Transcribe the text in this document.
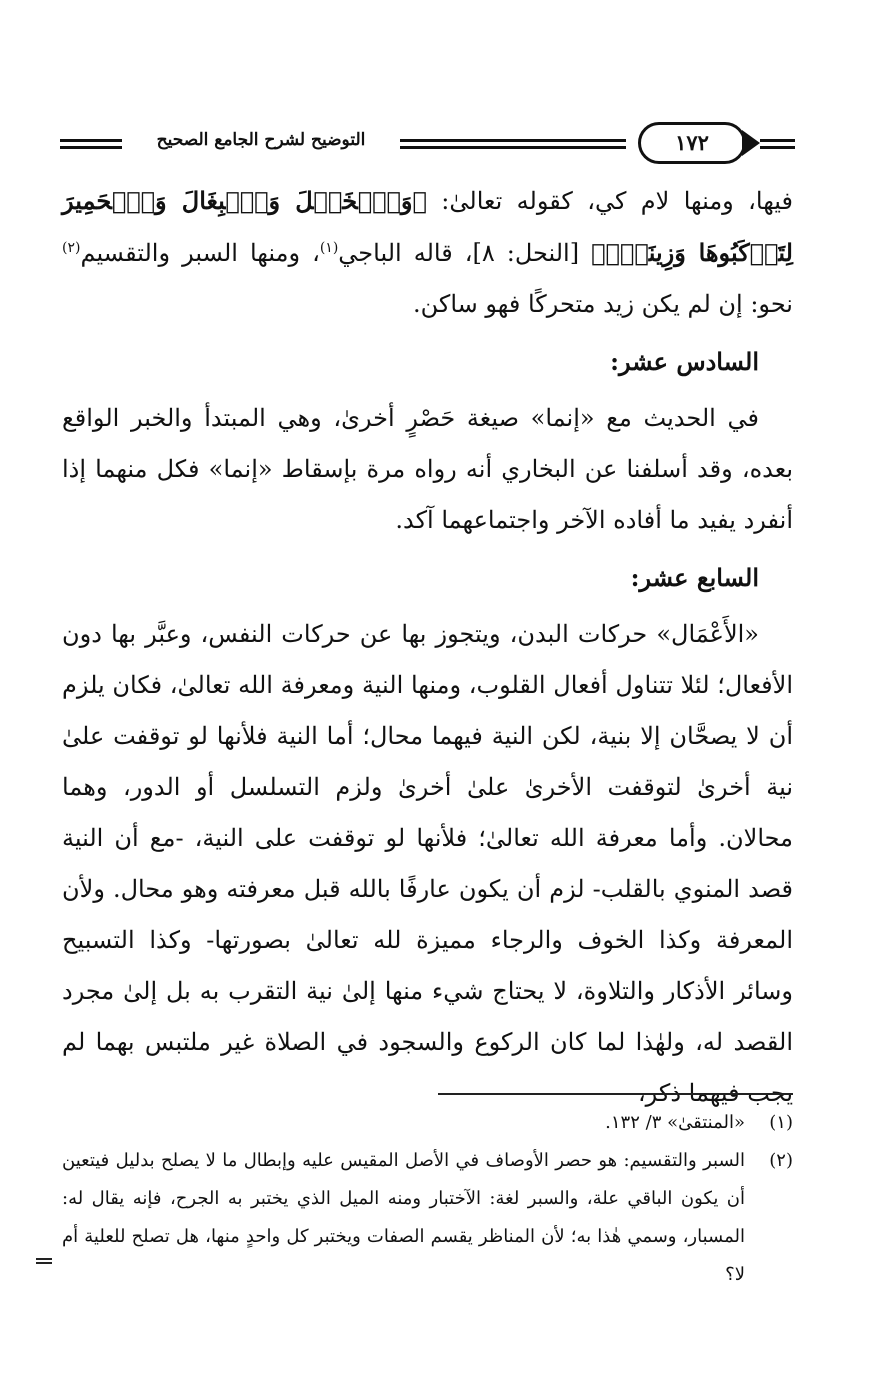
التوضيح لشرح الجامع الصحيح	١٧٢

فيها، ومنها لام كي، كقوله تعالىٰ: ﴿وَٱلۡخَيۡلَ وَٱلۡبِغَالَ وَٱلۡحَمِيرَ لِتَرۡكَبُوهَا وَزِينَةٗۚ﴾ [النحل: ٨]، قاله الباجي$^{(١)}$، ومنها السبر والتقسيم$^{(٢)}$ نحو: إن لم يكن زيد متحركًا فهو ساكن.

السادس عشر:

في الحديث مع «إنما» صيغة حَصْرٍ أخرىٰ، وهي المبتدأ والخبر الواقع بعده، وقد أسلفنا عن البخاري أنه رواه مرة بإسقاط «إنما» فكل منهما إذا أنفرد يفيد ما أفاده الآخر واجتماعهما آكد.

السابع عشر:

«الأَعْمَال» حركات البدن، ويتجوز بها عن حركات النفس، وعبَّر بها دون الأفعال؛ لئلا تتناول أفعال القلوب، ومنها النية ومعرفة الله تعالىٰ، فكان يلزم أن لا يصحَّان إلا بنية، لكن النية فيهما محال؛ أما النية فلأنها لو توقفت علىٰ نية أخرىٰ لتوقفت الأخرىٰ علىٰ أخرىٰ ولزم التسلسل أو الدور، وهما محالان. وأما معرفة الله تعالىٰ؛ فلأنها لو توقفت على النية، -مع أن النية قصد المنوي بالقلب- لزم أن يكون عارفًا بالله قبل معرفته وهو محال. ولأن المعرفة وكذا الخوف والرجاء مميزة لله تعالىٰ بصورتها- وكذا التسبيح وسائر الأذكار والتلاوة، لا يحتاج شيء منها إلىٰ نية التقرب به بل إلىٰ مجرد القصد له، ولهٰذا لما كان الركوع والسجود في الصلاة غير ملتبس بهما لم يجب فيهما ذكر،

(١)
«المنتقىٰ» ٣/ ١٣٢.
(٢)
السبر والتقسيم: هو حصر الأوصاف في الأصل المقيس عليه وإبطال ما لا يصلح بدليل فيتعين أن يكون الباقي علة، والسبر لغة: الآختبار ومنه الميل الذي يختبر به الجرح، فإنه يقال له: المسبار، وسمي هٰذا به؛ لأن المناظر يقسم الصفات ويختبر كل واحدٍ منها، هل تصلح للعلية أم لا؟
